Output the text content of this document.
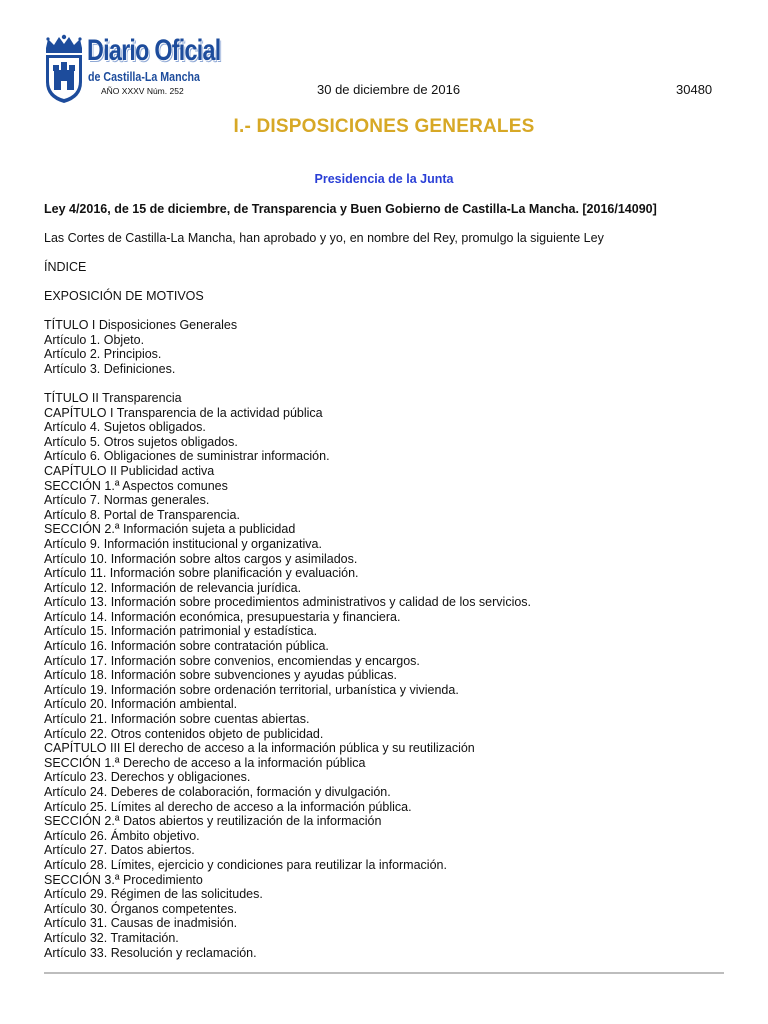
Diario Oficial
de Castilla-La Mancha
AÑO XXXV Núm. 252	30 de diciembre de 2016	30480
I.- DISPOSICIONES GENERALES
Presidencia de la Junta
Ley 4/2016, de 15 de diciembre, de Transparencia y Buen Gobierno de Castilla-La Mancha. [2016/14090]
Las Cortes de Castilla-La Mancha, han aprobado y yo, en nombre del Rey, promulgo la siguiente Ley
ÍNDICE
EXPOSICIÓN DE MOTIVOS
TÍTULO I Disposiciones Generales
Artículo 1. Objeto.
Artículo 2. Principios.
Artículo 3. Definiciones.
TÍTULO II Transparencia
CAPÍTULO I Transparencia de la actividad pública
Artículo 4. Sujetos obligados.
Artículo 5. Otros sujetos obligados.
Artículo 6. Obligaciones de suministrar información.
CAPÍTULO II Publicidad activa
SECCIÓN 1.ª Aspectos comunes
Artículo 7. Normas generales.
Artículo 8. Portal de Transparencia.
SECCIÓN 2.ª Información sujeta a publicidad
Artículo 9. Información institucional y organizativa.
Artículo 10. Información sobre altos cargos y asimilados.
Artículo 11. Información sobre planificación y evaluación.
Artículo 12. Información de relevancia jurídica.
Artículo 13. Información sobre procedimientos administrativos y calidad de los servicios.
Artículo 14. Información económica, presupuestaria y financiera.
Artículo 15. Información patrimonial y estadística.
Artículo 16. Información sobre contratación pública.
Artículo 17. Información sobre convenios, encomiendas y encargos.
Artículo 18. Información sobre subvenciones y ayudas públicas.
Artículo 19. Información sobre ordenación territorial, urbanística y vivienda.
Artículo 20. Información ambiental.
Artículo 21. Información sobre cuentas abiertas.
Artículo 22. Otros contenidos objeto de publicidad.
CAPÍTULO III El derecho de acceso a la información pública y su reutilización
SECCIÓN 1.ª Derecho de acceso a la información pública
Artículo 23. Derechos y obligaciones.
Artículo 24. Deberes de colaboración, formación y divulgación.
Artículo 25. Límites al derecho de acceso a la información pública.
SECCIÓN 2.ª Datos abiertos y reutilización de la información
Artículo 26. Ámbito objetivo.
Artículo 27. Datos abiertos.
Artículo 28. Límites, ejercicio y condiciones para reutilizar la información.
SECCIÓN 3.ª Procedimiento
Artículo 29. Régimen de las solicitudes.
Artículo 30. Órganos competentes.
Artículo 31. Causas de inadmisión.
Artículo 32. Tramitación.
Artículo 33. Resolución y reclamación.
